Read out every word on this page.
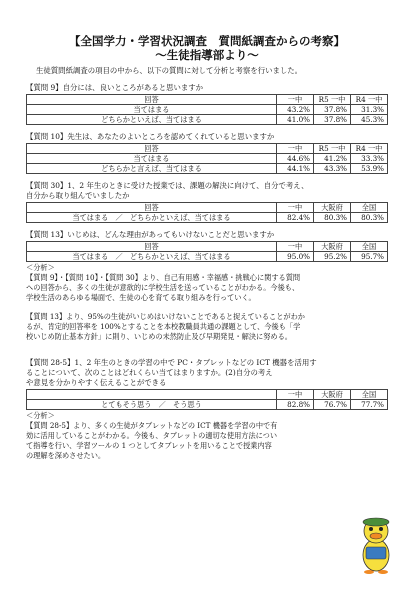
【全国学力・学習状況調査　質問紙調査からの考察】
～生徒指導部より～
生徒質問紙調査の項目の中から、以下の質問に対して分析と考察を行いました。
【質問 9】自分には、良いところがあると思いますか
回答	一中	R5 一中	R4 一中
当てはまる	43.2%	37.8%	31.3%
どちらかといえば、当てはまる	41.0%	37.8%	45.3%
【質問 10】先生は、あなたのよいところを認めてくれていると思いますか
回答	一中	R5 一中	R4 一中
当てはまる	44.6%	41.2%	33.3%
どちらかと言えば、当てはまる	44.1%	43.3%	53.9%
【質問 30】1、2 年生のときに受けた授業では、課題の解決に向けて、自分で考え、
自分から取り組んでいましたか
回答	一中	大阪府	全国
当てはまる　／　どちらかといえば、当てはまる	82.4%	80.3%	80.3%
【質問 13】いじめは、どんな理由があってもいけないことだと思いますか
回答	一中	大阪府	全国
当てはまる　／　どちらかといえば、当てはまる	95.0%	95.2%	95.7%
＜分析＞
【質問 9】・【質問 10】・【質問 30】より、自己有用感・幸福感・挑戦心に関する質問
への回答から、多くの生徒が意欲的に学校生活を送っていることがわかる。今後も、
学校生活のあらゆる場面で、生徒の心を育てる取り組みを行っていく。
【質問 13】より、95%の生徒がいじめはいけないことであると捉えていることがわか
るが、肯定的回答率を 100%とすることを本校教職員共通の課題として、今後も「学
校いじめ防止基本方針」に則り、いじめの未然防止及び早期発見・解決に努める。
【質問 28-5】1、2 年生のときの学習の中で PC・タブレットなどの ICT 機器を活用す
ることについて、次のことはどれくらい当てはまりますか。(2)自分の考え
や意見を分かりやすく伝えることができる
	一中	大阪府	全国
とてもそう思う　／　そう思う	82.8%	76.7%	77.7%
＜分析＞
【質問 28-5】より、多くの生徒がタブレットなどの ICT 機器を学習の中で有
効に活用していることがわかる。今後も、タブレットの適切な使用方法につい
て指導を行い、学習ツールの 1 つとしてタブレットを用いることで授業内容
の理解を深めさせたい。
